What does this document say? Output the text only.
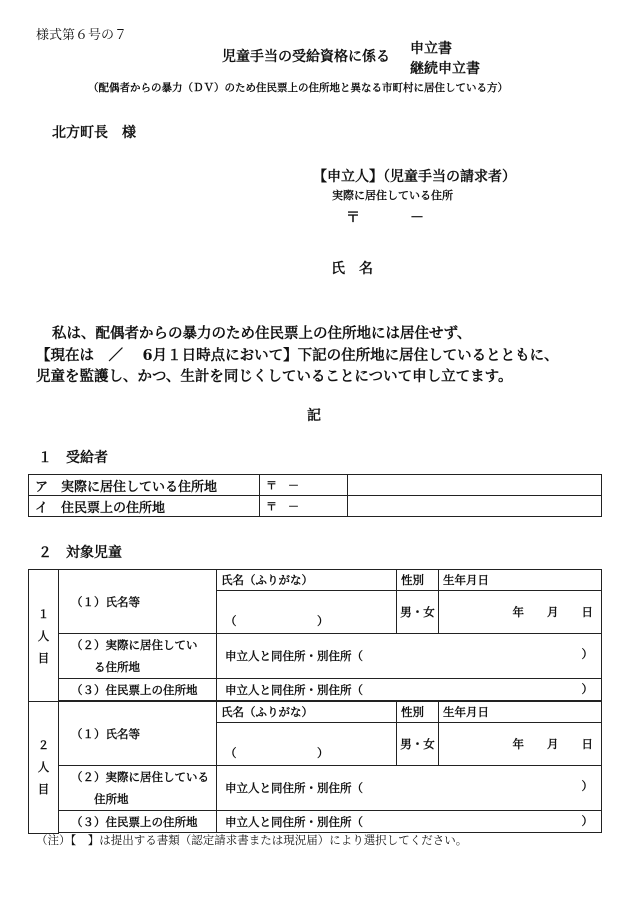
様式第６号の７
児童手当の受給資格に係る 申立書
継続申立書
（配偶者からの暴力（ＤＶ）のため住民票上の住所地と異なる市町村に居住している方）
北方町長　様
【申立人】（児童手当の請求者）
実際に居住している住所
〒	－
氏　名
私は、配偶者からの暴力のため住民票上の住所地には居住せず、
【現在は　／　 6月１日時点において】下記の住所地に居住しているとともに、
児童を監護し、かつ、生計を同じくしていることについて申し立てます。
記
１　受給者
ア　実際に居住している住所地	〒　－	
イ　住民票上の住所地	〒　－	
２　対象児童
１
人
目	（１）氏名等	氏名（ふりがな）	性別	生年月日
		（　　　　　　　）	男・女	年　　月　　日
	（２）実際に居住してい
　　る住所地	申立人と同住所・別住所（ ）		

	（３）住民票上の住所地	申立人と同住所・別住所（ ）		

２
人
目	（１）氏名等	氏名（ふりがな）	性別	生年月日
		（　　　　　　　）	男・女	年　　月　　日
	（２）実際に居住している
　　住所地	申立人と同住所・別住所（ ）		

	（３）住民票上の住所地	申立人と同住所・別住所（ ）		

（注）【　】は提出する書類（認定請求書または現況届）により選択してください。
